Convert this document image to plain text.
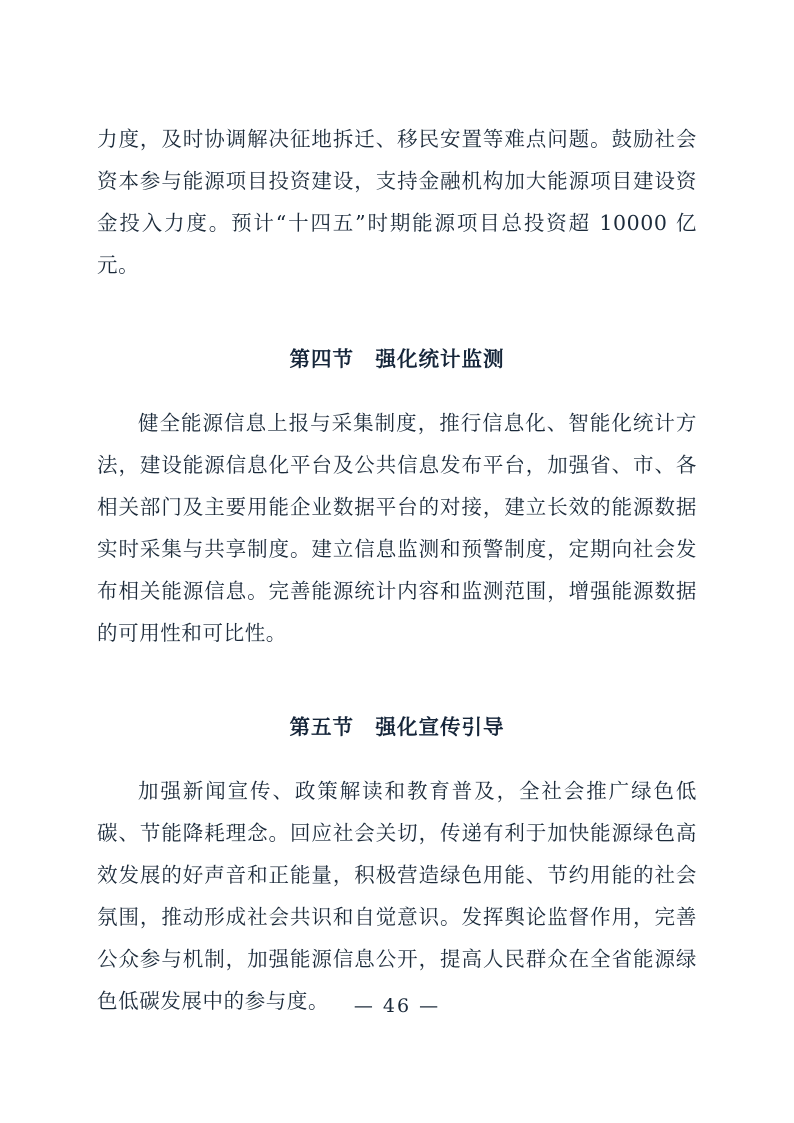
力度，及时协调解决征地拆迁、移民安置等难点问题。鼓励社会资本参与能源项目投资建设，支持金融机构加大能源项目建设资金投入力度。预计“十四五”时期能源项目总投资超 10000 亿元。

第四节　强化统计监测

健全能源信息上报与采集制度，推行信息化、智能化统计方法，建设能源信息化平台及公共信息发布平台，加强省、市、各相关部门及主要用能企业数据平台的对接，建立长效的能源数据实时采集与共享制度。建立信息监测和预警制度，定期向社会发布相关能源信息。完善能源统计内容和监测范围，增强能源数据的可用性和可比性。

第五节　强化宣传引导

加强新闻宣传、政策解读和教育普及，全社会推广绿色低碳、节能降耗理念。回应社会关切，传递有利于加快能源绿色高效发展的好声音和正能量，积极营造绿色用能、节约用能的社会氛围，推动形成社会共识和自觉意识。发挥舆论监督作用，完善公众参与机制，加强能源信息公开，提高人民群众在全省能源绿色低碳发展中的参与度。	— 46 —
